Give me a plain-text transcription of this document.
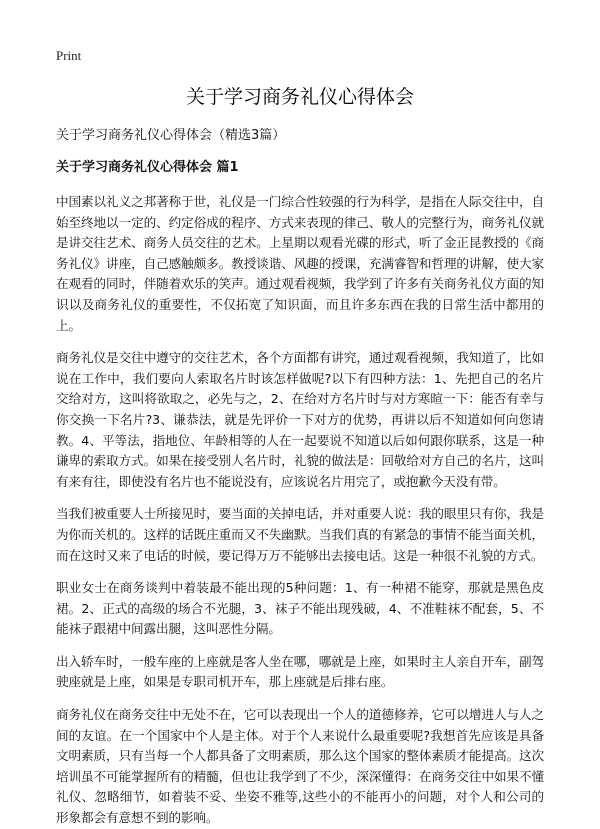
Print
关于学习商务礼仪心得体会

关于学习商务礼仪心得体会（精选3篇）

关于学习商务礼仪心得体会 篇1

中国素以礼义之邦著称于世，礼仪是一门综合性较强的行为科学，是指在人际交往中，自始至终地以一定的、约定俗成的程序、方式来表现的律己、敬人的完整行为，商务礼仪就是讲交往艺术、商务人员交往的艺术。上星期以观看光碟的形式，听了金正昆教授的《商务礼仪》讲座，自己感触颇多。教授谈谐、风趣的授课，充满睿智和哲理的讲解，使大家在观看的同时，伴随着欢乐的笑声。通过观看视频，我学到了许多有关商务礼仪方面的知识以及商务礼仪的重要性，不仅拓宽了知识面，而且许多东西在我的日常生活中都用的上。

商务礼仪是交往中遵守的交往艺术，各个方面都有讲究，通过观看视频，我知道了，比如说在工作中，我们要向人索取名片时该怎样做呢?以下有四种方法：1、先把自己的名片交给对方，这叫将欲取之，必先与之，2、在给对方名片时与对方寒暄一下：能否有幸与你交换一下名片?3、谦恭法，就是先评价一下对方的优势，再讲以后不知道如何向您请教。4、平等法，指地位、年龄相等的人在一起要说不知道以后如何跟你联系，这是一种谦卑的索取方式。如果在接受别人名片时，礼貌的做法是：回敬给对方自己的名片，这叫有来有往，即使没有名片也不能说没有，应该说名片用完了，或抱歉今天没有带。

当我们被重要人士所接见时，要当面的关掉电话，并对重要人说：我的眼里只有你，我是为你而关机的。这样的话既庄重而又不失幽默。当我们真的有紧急的事情不能当面关机，而在这时又来了电话的时候，要记得万万不能够出去接电话。这是一种很不礼貌的方式。

职业女士在商务谈判中着装最不能出现的5种问题：1、有一种裙不能穿，那就是黑色皮裙。2、正式的高级的场合不光腿，3、袜子不能出现残破，4、不准鞋袜不配套，5、不能袜子跟裙中间露出腿，这叫恶性分隔。

出入轿车时，一般车座的上座就是客人坐在哪，哪就是上座，如果时主人亲自开车，副驾驶座就是上座，如果是专职司机开车，那上座就是后排右座。

商务礼仪在商务交往中无处不在，它可以表现出一个人的道德修养，它可以增进人与人之间的友谊。在一个国家中个人是主体。对于个人来说什么最重要呢?我想首先应该是具备文明素质，只有当每一个人都具备了文明素质，那么这个国家的整体素质才能提高。这次培训虽不可能掌握所有的精髓，但也让我学到了不少，深深懂得：在商务交往中如果不懂礼仪、忽略细节，如着装不妥、坐姿不雅等,这些小的不能再小的问题，对个人和公司的形象都会有意想不到的影响。
